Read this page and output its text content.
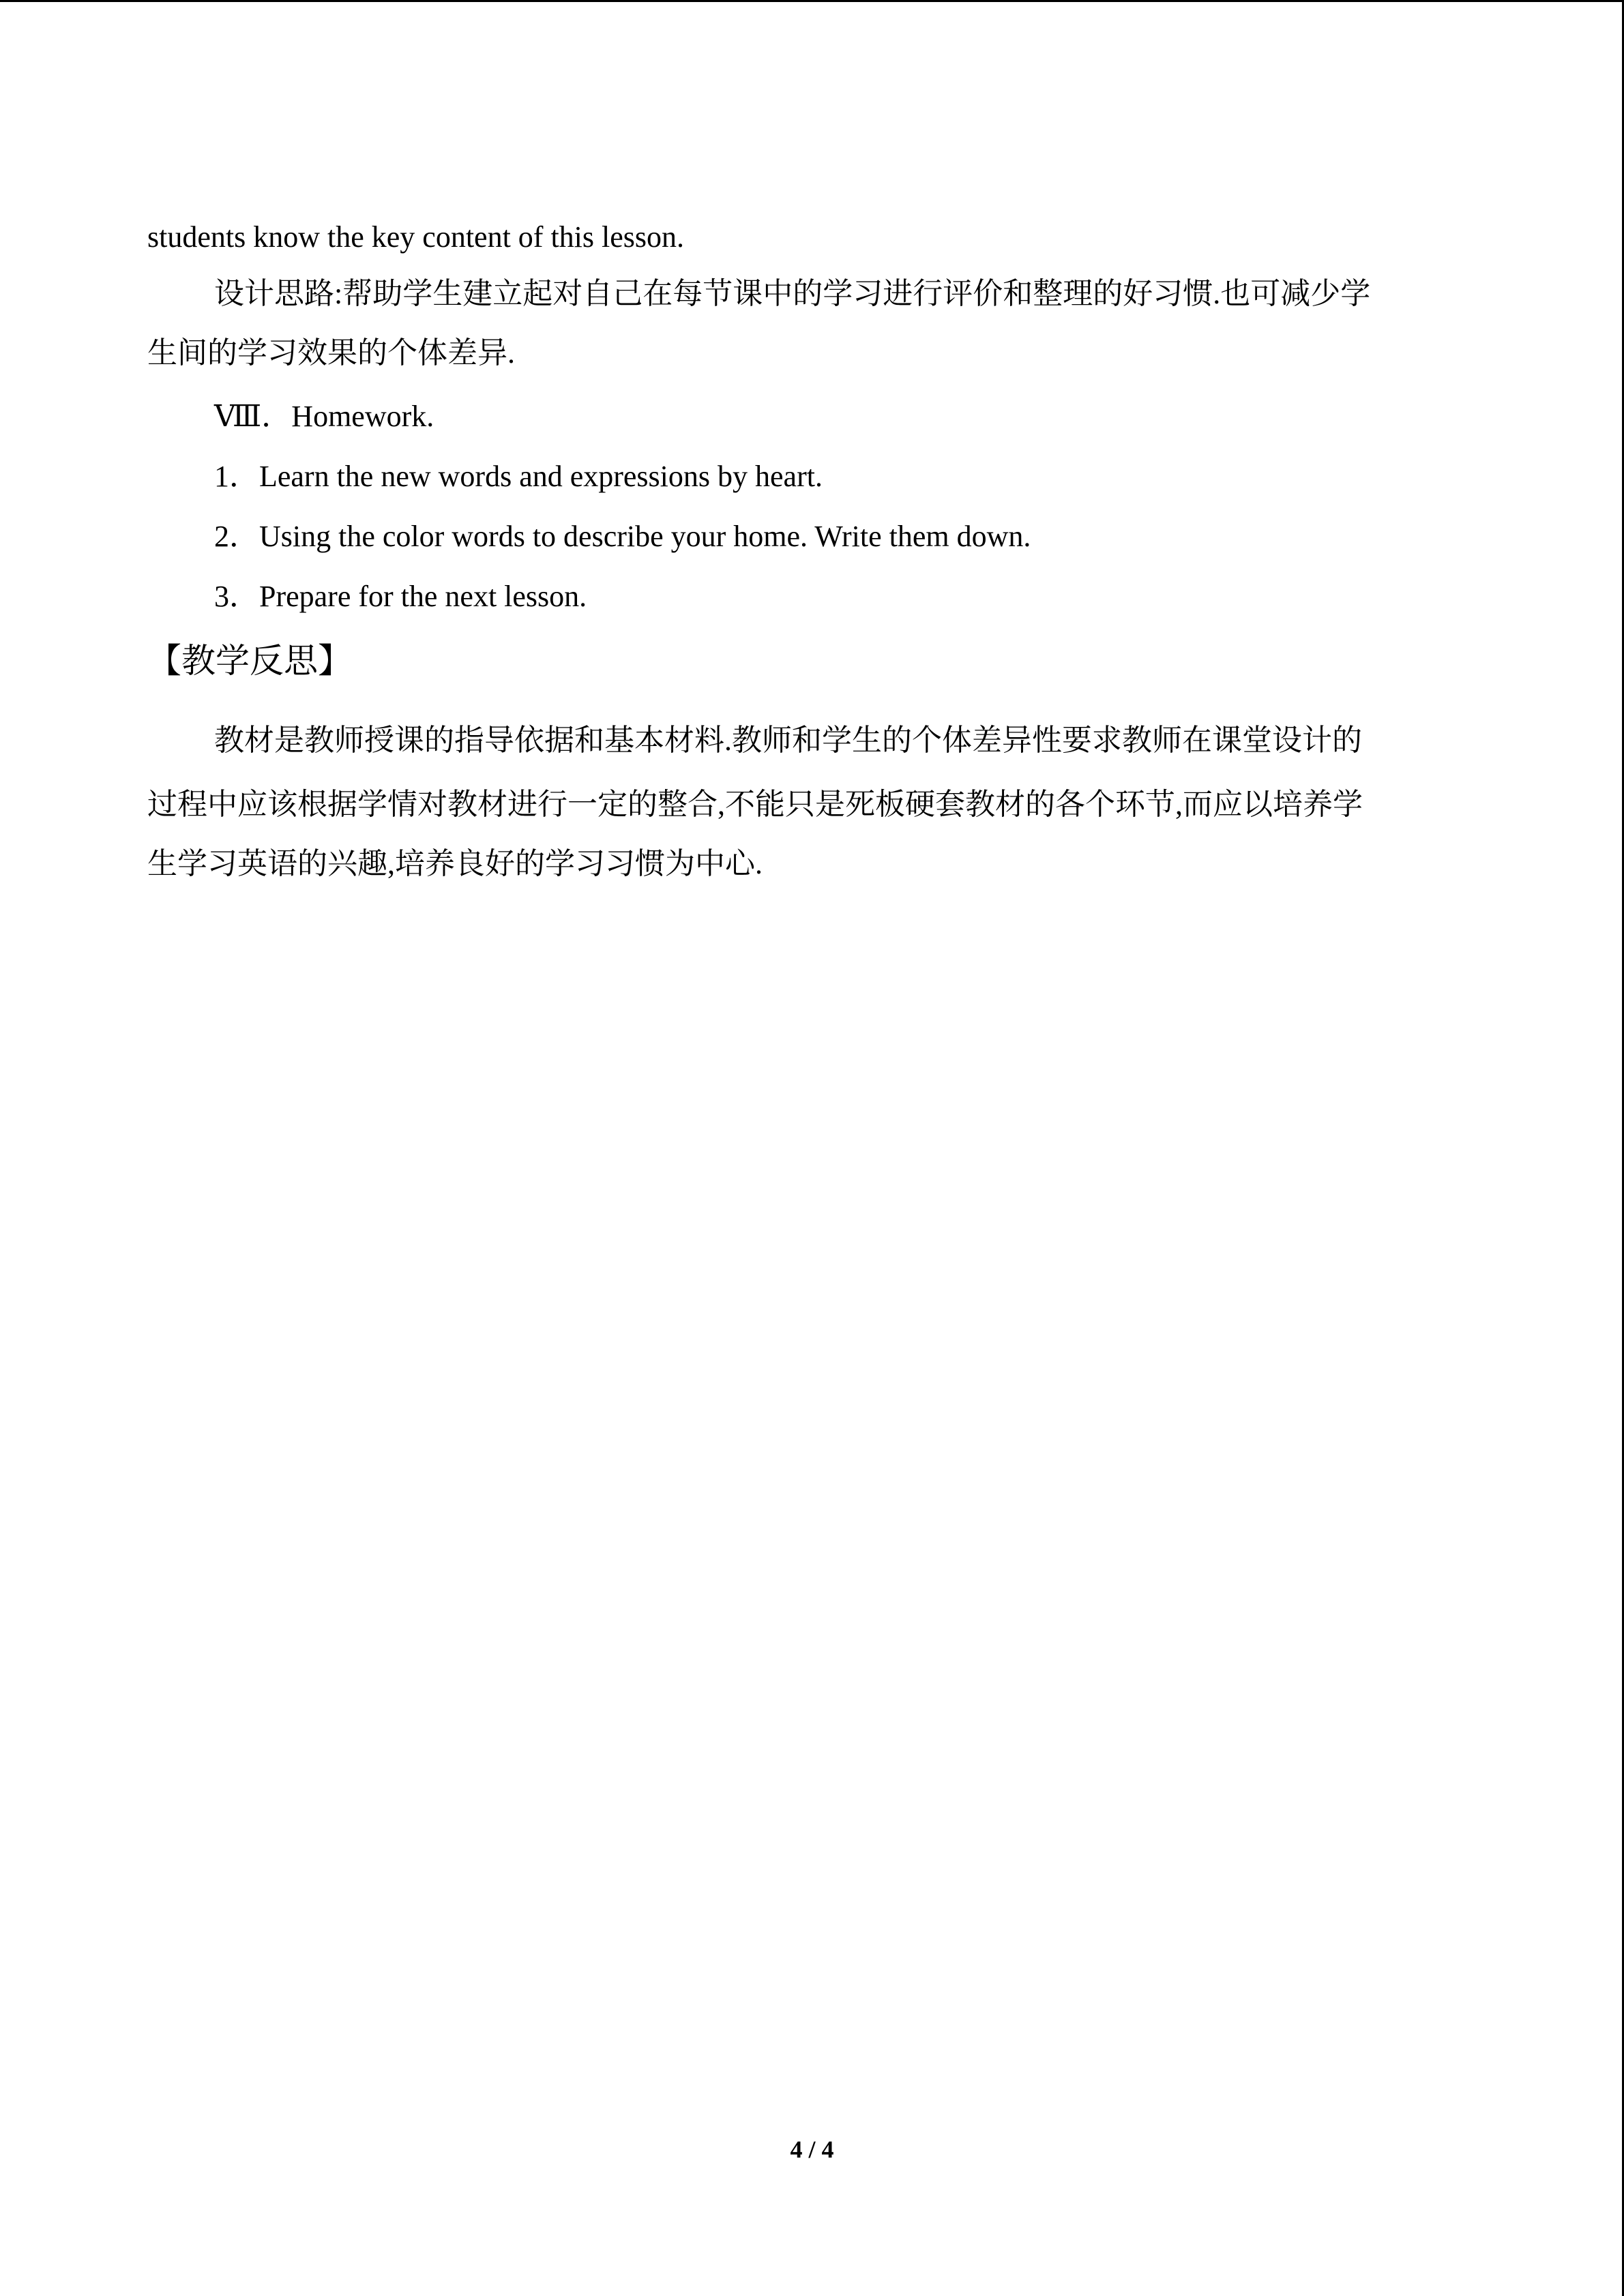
students know the key content of this lesson.
设计思路:帮助学生建立起对自己在每节课中的学习进行评价和整理的好习惯.也可减少学
生间的学习效果的个体差异.
Ⅷ．Homework.
1．Learn the new words and expressions by heart.
2．Using the color words to describe your home. Write them down.
3．Prepare for the next lesson.
【教学反思】
教材是教师授课的指导依据和基本材料.教师和学生的个体差异性要求教师在课堂设计的
过程中应该根据学情对教材进行一定的整合,不能只是死板硬套教材的各个环节,而应以培养学
生学习英语的兴趣,培养良好的学习习惯为中心.
4 / 4
